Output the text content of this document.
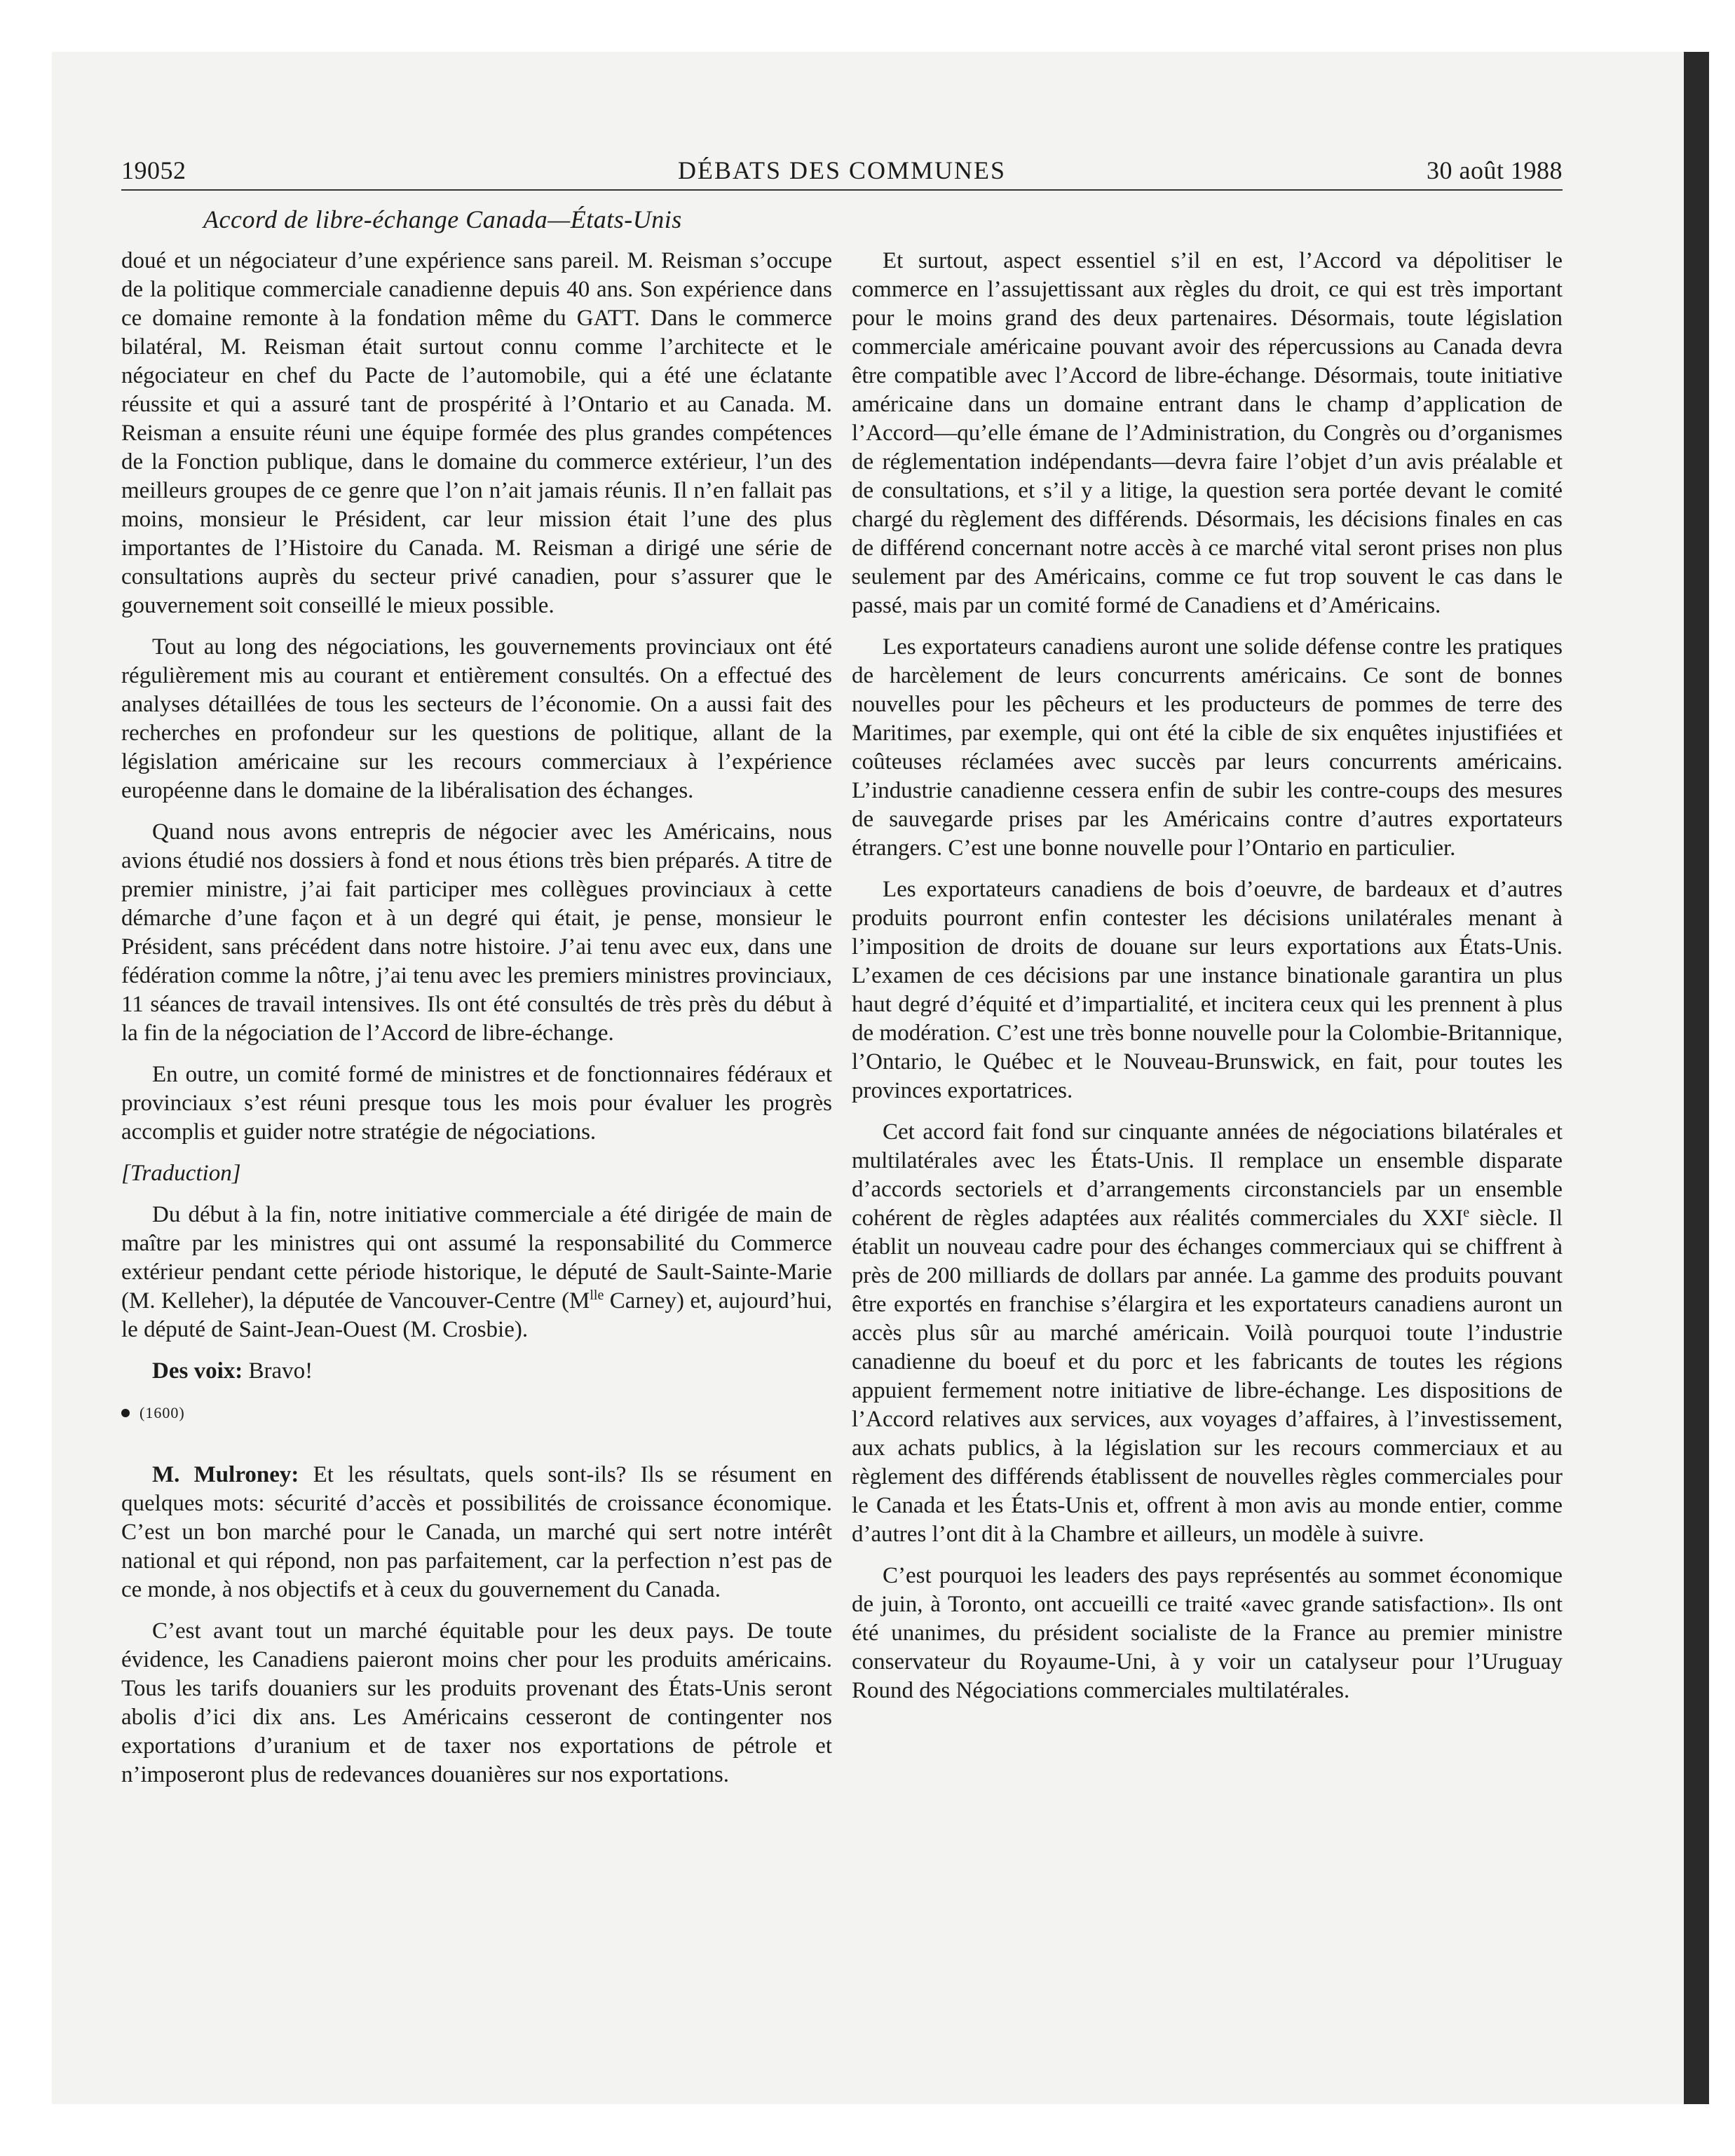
19052	DÉBATS DES COMMUNES	30 août 1988
Accord de libre-échange Canada—États-Unis

doué et un négociateur d’une expérience sans pareil. M. Reisman s’occupe de la politique commerciale canadienne depuis 40 ans. Son expérience dans ce domaine remonte à la fondation même du GATT. Dans le commerce bilatéral, M. Reisman était surtout connu comme l’architecte et le négociateur en chef du Pacte de l’automobile, qui a été une éclatante réussite et qui a assuré tant de prospérité à l’Ontario et au Canada. M. Reisman a ensuite réuni une équipe formée des plus grandes compétences de la Fonction publique, dans le domaine du commerce extérieur, l’un des meilleurs groupes de ce genre que l’on n’ait jamais réunis. Il n’en fallait pas moins, monsieur le Président, car leur mission était l’une des plus importantes de l’Histoire du Canada. M. Reisman a dirigé une série de consultations auprès du secteur privé canadien, pour s’assurer que le gouvernement soit conseillé le mieux possible.

Tout au long des négociations, les gouvernements provinciaux ont été régulièrement mis au courant et entièrement consultés. On a effectué des analyses détaillées de tous les secteurs de l’économie. On a aussi fait des recherches en profondeur sur les questions de politique, allant de la législation américaine sur les recours commerciaux à l’expérience européenne dans le domaine de la libéralisation des échanges.

Quand nous avons entrepris de négocier avec les Américains, nous avions étudié nos dossiers à fond et nous étions très bien préparés. A titre de premier ministre, j’ai fait participer mes collègues provinciaux à cette démarche d’une façon et à un degré qui était, je pense, monsieur le Président, sans précédent dans notre histoire. J’ai tenu avec eux, dans une fédération comme la nôtre, j’ai tenu avec les premiers ministres provinciaux, 11 séances de travail intensives. Ils ont été consultés de très près du début à la fin de la négociation de l’Accord de libre-échange.

En outre, un comité formé de ministres et de fonctionnaires fédéraux et provinciaux s’est réuni presque tous les mois pour évaluer les progrès accomplis et guider notre stratégie de négociations.

[Traduction]

Du début à la fin, notre initiative commerciale a été dirigée de main de maître par les ministres qui ont assumé la responsabilité du Commerce extérieur pendant cette période historique, le député de Sault-Sainte-Marie (M. Kelleher), la députée de Vancouver-Centre ($M^{lle}$ Carney) et, aujourd’hui, le député de Saint-Jean-Ouest (M. Crosbie).

Des voix: Bravo!

(1600)

M. Mulroney: Et les résultats, quels sont-ils? Ils se résument en quelques mots: sécurité d’accès et possibilités de croissance économique. C’est un bon marché pour le Canada, un marché qui sert notre intérêt national et qui répond, non pas parfaitement, car la perfection n’est pas de ce monde, à nos objectifs et à ceux du gouvernement du Canada.

C’est avant tout un marché équitable pour les deux pays. De toute évidence, les Canadiens paieront moins cher pour les produits américains. Tous les tarifs douaniers sur les produits provenant des États-Unis seront abolis d’ici dix ans. Les Américains cesseront de contingenter nos exportations d’uranium et de taxer nos exportations de pétrole et n’imposeront plus de redevances douanières sur nos exportations.

Et surtout, aspect essentiel s’il en est, l’Accord va dépolitiser le commerce en l’assujettissant aux règles du droit, ce qui est très important pour le moins grand des deux partenaires. Désormais, toute législation commerciale américaine pouvant avoir des répercussions au Canada devra être compatible avec l’Accord de libre-échange. Désormais, toute initiative américaine dans un domaine entrant dans le champ d’application de l’Accord—qu’elle émane de l’Administration, du Congrès ou d’organismes de réglementation indépendants—devra faire l’objet d’un avis préalable et de consultations, et s’il y a litige, la question sera portée devant le comité chargé du règlement des différends. Désormais, les décisions finales en cas de différend concernant notre accès à ce marché vital seront prises non plus seulement par des Américains, comme ce fut trop souvent le cas dans le passé, mais par un comité formé de Canadiens et d’Américains.

Les exportateurs canadiens auront une solide défense contre les pratiques de harcèlement de leurs concurrents américains. Ce sont de bonnes nouvelles pour les pêcheurs et les producteurs de pommes de terre des Maritimes, par exemple, qui ont été la cible de six enquêtes injustifiées et coûteuses réclamées avec succès par leurs concurrents américains. L’industrie canadienne cessera enfin de subir les contre-coups des mesures de sauvegarde prises par les Américains contre d’autres exportateurs étrangers. C’est une bonne nouvelle pour l’Ontario en particulier.

Les exportateurs canadiens de bois d’oeuvre, de bardeaux et d’autres produits pourront enfin contester les décisions unilatérales menant à l’imposition de droits de douane sur leurs exportations aux États-Unis. L’examen de ces décisions par une instance binationale garantira un plus haut degré d’équité et d’impartialité, et incitera ceux qui les prennent à plus de modération. C’est une très bonne nouvelle pour la Colombie-Britannique, l’Ontario, le Québec et le Nouveau-Brunswick, en fait, pour toutes les provinces exportatrices.

Cet accord fait fond sur cinquante années de négociations bilatérales et multilatérales avec les États-Unis. Il remplace un ensemble disparate d’accords sectoriels et d’arrangements circonstanciels par un ensemble cohérent de règles adaptées aux réalités commerciales du XXIe siècle. Il établit un nouveau cadre pour des échanges commerciaux qui se chiffrent à près de 200 milliards de dollars par année. La gamme des produits pouvant être exportés en franchise s’élargira et les exportateurs canadiens auront un accès plus sûr au marché américain. Voilà pourquoi toute l’industrie canadienne du boeuf et du porc et les fabricants de toutes les régions appuient fermement notre initiative de libre-échange. Les dispositions de l’Accord relatives aux services, aux voyages d’affaires, à l’investissement, aux achats publics, à la législation sur les recours commerciaux et au règlement des différends établissent de nouvelles règles commerciales pour le Canada et les États-Unis et, offrent à mon avis au monde entier, comme d’autres l’ont dit à la Chambre et ailleurs, un modèle à suivre.

C’est pourquoi les leaders des pays représentés au sommet économique de juin, à Toronto, ont accueilli ce traité «avec grande satisfaction». Ils ont été unanimes, du président socialiste de la France au premier ministre conservateur du Royaume-Uni, à y voir un catalyseur pour l’Uruguay Round des Négociations commerciales multilatérales.
